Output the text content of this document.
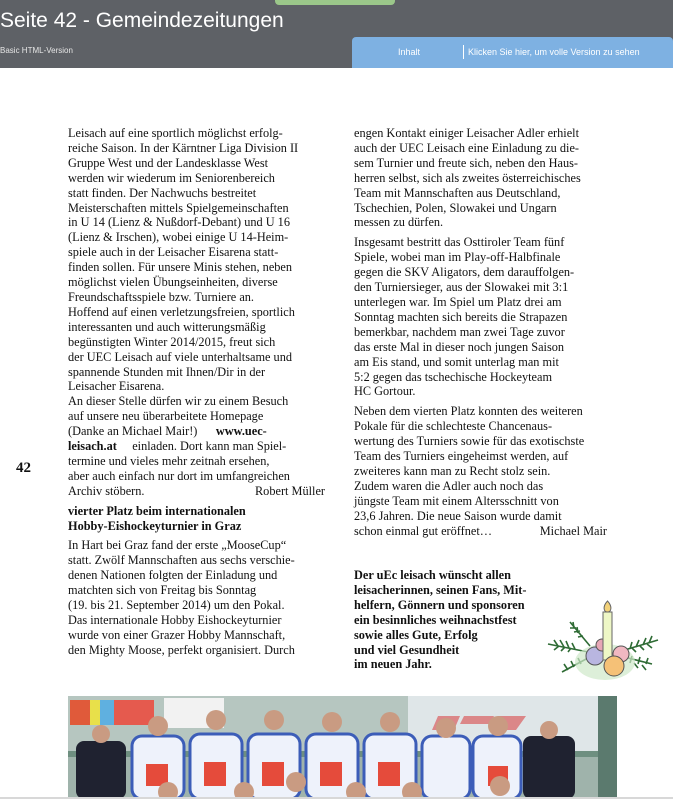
Seite 42 - Gemeindezeitungen
Basic HTML-Version	Inhalt	Klicken Sie hier, um volle Version zu sehen
42

Leisach auf eine sportlich möglichst erfolg-

reiche Saison. In der Kärntner Liga Division II

Gruppe West und der Landesklasse West

werden wir wiederum im Seniorenbereich

statt finden. Der Nachwuchs bestreitet

Meisterschaften mittels Spielgemeinschaften

in U 14 (Lienz & Nußdorf-Debant) und U 16

(Lienz & Irschen), wobei einige U 14-Heim-

spiele auch in der Leisacher Eisarena statt-

finden sollen. Für unsere Minis stehen, neben

möglichst vielen Übungseinheiten, diverse

Freundschaftsspiele bzw. Turniere an.

Hoffend auf einen verletzungsfreien, sportlich

interessanten und auch witterungsmäßig

begünstigten Winter 2014/2015, freut sich

der UEC Leisach auf viele unterhaltsame und

spannende Stunden mit Ihnen/Dir in der

Leisacher Eisarena.

An dieser Stelle dürfen wir zu einem Besuch

auf unsere neu überarbeitete Homepage

(Danke an Michael Mair!) www.uec-

leisach.at einladen. Dort kann man Spiel-

termine und vieles mehr zeitnah ersehen,

aber auch einfach nur dort im umfangreichen

Archiv stöbern.	Robert Müller

vierter Platz beim internationalen

Hobby-Eishockeyturnier in Graz

In Hart bei Graz fand der erste „MooseCup“

statt. Zwölf Mannschaften aus sechs verschie-

denen Nationen folgten der Einladung und

matchten sich von Freitag bis Sonntag

(19. bis 21. September 2014) um den Pokal.

Das internationale Hobby Eishockeyturnier

wurde von einer Grazer Hobby Mannschaft,

den Mighty Moose, perfekt organisiert. Durch

engen Kontakt einiger Leisacher Adler erhielt

auch der UEC Leisach eine Einladung zu die-

sem Turnier und freute sich, neben den Haus-

herren selbst, sich als zweites österreichisches

Team mit Mannschaften aus Deutschland,

Tschechien, Polen, Slowakei und Ungarn

messen zu dürfen.

Insgesamt bestritt das Osttiroler Team fünf

Spiele, wobei man im Play-off-Halbfinale

gegen die SKV Aligators, dem darauffolgen-

den Turniersieger, aus der Slowakei mit 3:1

unterlegen war. Im Spiel um Platz drei am

Sonntag machten sich bereits die Strapazen

bemerkbar, nachdem man zwei Tage zuvor

das erste Mal in dieser noch jungen Saison

am Eis stand, und somit unterlag man mit

5:2 gegen das tschechische Hockeyteam

HC Gortour.

Neben dem vierten Platz konnten des weiteren

Pokale für die schlechteste Chancenaus-

wertung des Turniers sowie für das exotischste

Team des Turniers eingeheimst werden, auf

zweiteres kann man zu Recht stolz sein.

Zudem waren die Adler auch noch das

jüngste Team mit einem Altersschnitt von

23,6 Jahren. Die neue Saison wurde damit

schon einmal gut eröffnet…	Michael Mair

Der uEc leisach wünscht allen

leisacherinnen, seinen Fans, Mit-

helfern, Gönnern und sponsoren

ein besinnliches weihnachstfest

sowie alles Gute, Erfolg

und viel Gesundheit

im neuen Jahr.
